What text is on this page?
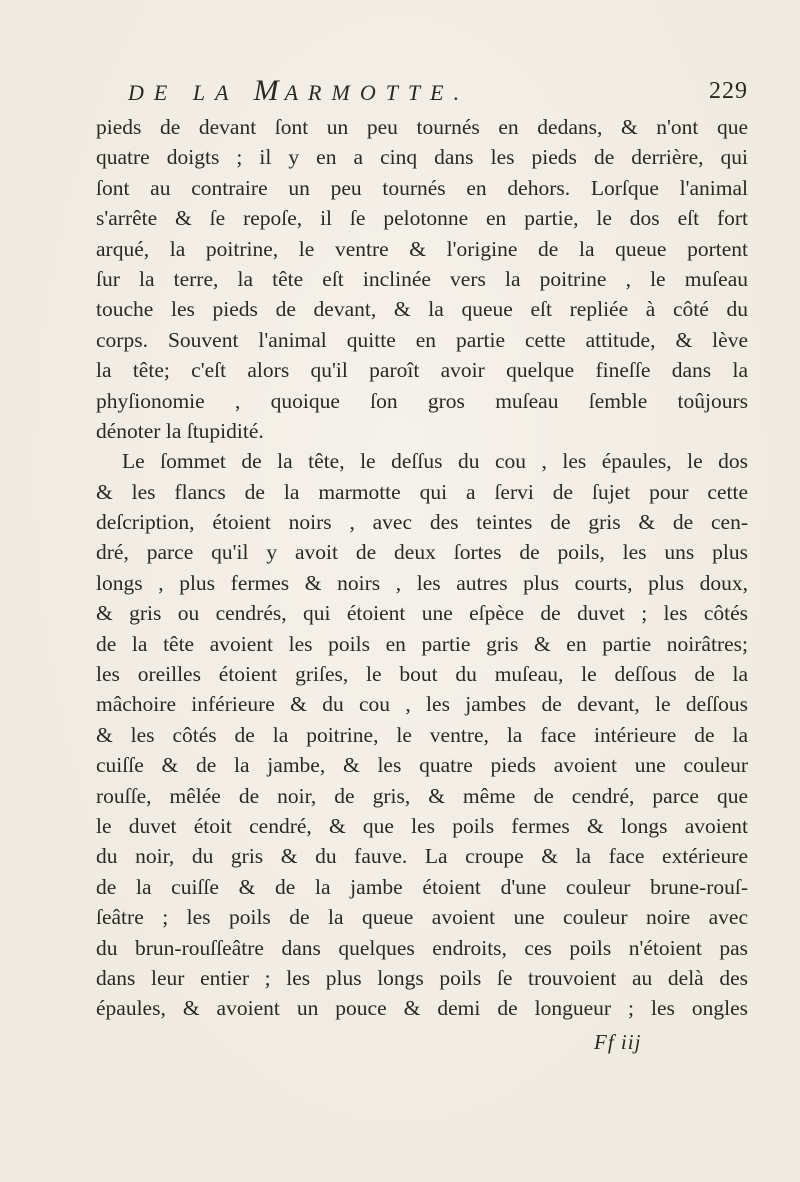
DE LA MARMOTTE.	229
pieds de devant ſont un peu tournés en dedans, & n'ont que
quatre doigts ; il y en a cinq dans les pieds de derrière, qui
ſont au contraire un peu tournés en dehors. Lorſque l'animal
s'arrête & ſe repoſe, il ſe pelotonne en partie, le dos eſt fort
arqué, la poitrine, le ventre & l'origine de la queue portent
ſur la terre, la tête eſt inclinée vers la poitrine , le muſeau
touche les pieds de devant, & la queue eſt repliée à côté du
corps. Souvent l'animal quitte en partie cette attitude, & lève
la tête; c'eſt alors qu'il paroît avoir quelque fineſſe dans la
phyſionomie , quoique ſon gros muſeau ſemble toûjours
dénoter la ſtupidité.
Le ſommet de la tête, le deſſus du cou , les épaules, le dos
& les flancs de la marmotte qui a ſervi de ſujet pour cette
deſcription, étoient noirs , avec des teintes de gris & de cen-
dré, parce qu'il y avoit de deux ſortes de poils, les uns plus
longs , plus fermes & noirs , les autres plus courts, plus doux,
& gris ou cendrés, qui étoient une eſpèce de duvet ; les côtés
de la tête avoient les poils en partie gris & en partie noirâtres;
les oreilles étoient griſes, le bout du muſeau, le deſſous de la
mâchoire inférieure & du cou , les jambes de devant, le deſſous
& les côtés de la poitrine, le ventre, la face intérieure de la
cuiſſe & de la jambe, & les quatre pieds avoient une couleur
rouſſe, mêlée de noir, de gris, & même de cendré, parce que
le duvet étoit cendré, & que les poils fermes & longs avoient
du noir, du gris & du fauve. La croupe & la face extérieure
de la cuiſſe & de la jambe étoient d'une couleur brune-rouſ-
ſeâtre ; les poils de la queue avoient une couleur noire avec
du brun-rouſſeâtre dans quelques endroits, ces poils n'étoient pas
dans leur entier ; les plus longs poils ſe trouvoient au delà des
épaules, & avoient un pouce & demi de longueur ; les ongles
Ff iij
